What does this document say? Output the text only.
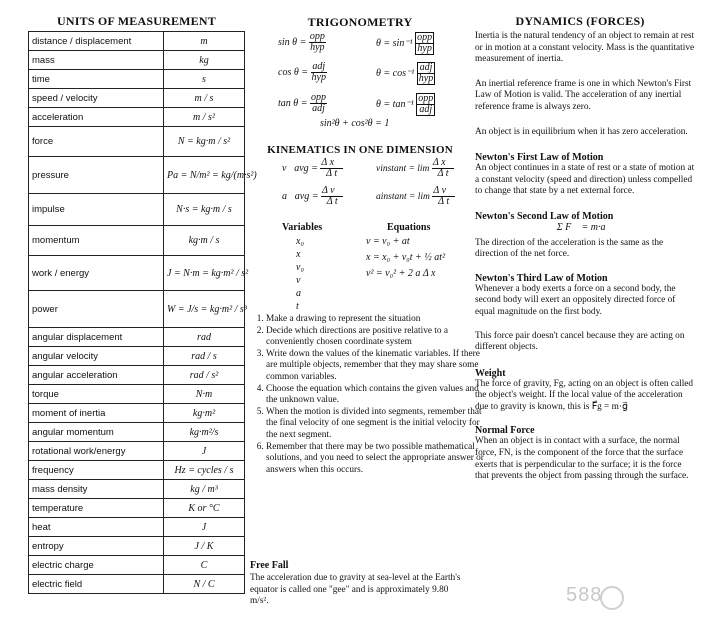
UNITS OF MEASUREMENT
distance / displacement	m
mass	kg
time	s
speed / velocity	m / s
acceleration	m / s²
force	N = kg·m / s²
pressure	Pa = N/m² = kg/(m·s²)
impulse	N·s = kg·m / s
momentum	kg·m / s
work / energy	J = N·m = kg·m² / s²
power	W = J/s = kg·m² / s³
angular displacement	rad
angular velocity	rad / s
angular acceleration	rad / s²
torque	N·m
moment of inertia	kg·m²
angular momentum	kg·m²/s
rotational work/energy	J
frequency	Hz = cycles / s
mass density	kg / m³
temperature	K or °C
heat	J
entropy	J / K
electric charge	C
electric field	N / C
TRIGONOMETRY
$\sin \theta = \frac{\text{opp}}{\text{hyp}}$	$\theta = \sin^{-1} \frac{\text{opp}}{\text{hyp}}$
$\cos \theta = \frac{\text{adj}}{\text{hyp}}$	$\theta = \cos^{-1} \frac{\text{adj}}{\text{hyp}}$
$\tan \theta = \frac{\text{opp}}{\text{adj}}$	$\theta = \tan^{-1} \frac{\text{opp}}{\text{adj}}$
sin²θ + cos²θ = 1
KINEMATICS IN ONE DIMENSION
v⃗avg = $\frac{\text{Δ x⃗}}{\text{Δ t}}$	vinstant = $\lim \frac{\text{Δ x⃗}}{\text{Δ t}}$
a⃗avg = $\frac{\text{Δ v⃗}}{\text{Δ t}}$	ainstant = $\lim \frac{\text{Δ v⃗}}{\text{Δ t}}$
Variables	Equations
x₀
x
v₀
v
a
t
v = v₀ + at
x = x₀ + v₀t + ½ at²
v² = v₀² + 2 a Δ x
1. Make a drawing to represent the situation
2. Decide which directions are positive relative to a conveniently chosen coordinate system
3. Write down the values of the kinematic variables. If there are multiple objects, remember that they may share some common variables.
4. Choose the equation which contains the given values and the unknown value.
5. When the motion is divided into segments, remember that the final velocity of one segment is the initial velocity for the next segment.
6. Remember that there may be two possible mathematical solutions, and you need to select the appropriate answer or answers when this occurs.
Free Fall
The acceleration due to gravity at sea-level at the Earth's equator is called one "gee" and is approximately 9.80 m/s².
DYNAMICS (FORCES)

Inertia is the natural tendency of an object to remain at rest or in motion at a constant velocity. Mass is the quantitative measurement of inertia.

An inertial reference frame is one in which Newton's First Law of Motion is valid. The acceleration of any inertial reference frame is always zero.

An object is in equilibrium when it has zero acceleration.

Newton's First Law of Motion

An object continues in a state of rest or a state of motion at a constant velocity (speed and direction) unless compelled to change that state by a net external force.

Newton's Second Law of Motion

Σ F⃗ = m·a⃗

The direction of the acceleration is the same as the direction of the net force.

Newton's Third Law of Motion

Whenever a body exerts a force on a second body, the second body will exert an oppositely directed force of equal magnitude on the first body.

This force pair doesn't cancel because they are acting on different objects.

Weight

The force of gravity, Fg, acting on an object is often called the object's weight. If the local value of the acceleration due to gravity is known, this is F⃗g = m·g⃗

Normal Force

When an object is in contact with a surface, the normal force, FN, is the component of the force that the surface exerts that is perpendicular to the surface; it is the force that prevents the object from passing through the surface.

588
